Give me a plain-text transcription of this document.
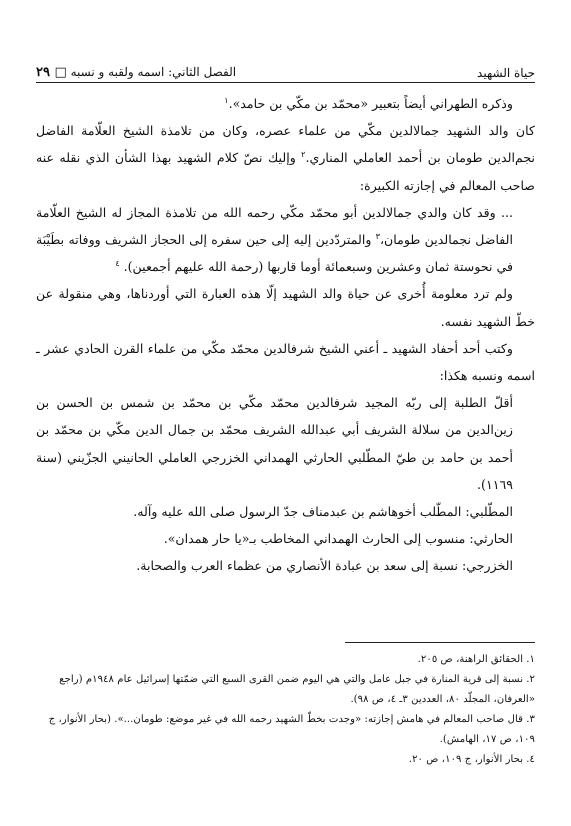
حياة الشهيد
الفصل الثاني: اسمه ولقبه و نسبه □ ٢٩

وذكره الطهراني أيضاً بتعبير «محمّد بن مكّي بن حامد».$^١$

كان والد الشهيد جمالالدين مكّي من علماء عصره، وكان من تلامذة الشيخ العلّامة الفاضل نجم‌الدين طومان بن أحمد العاملي المناري.$^٢$ وإليك نصّ كلام الشهيد بهذا الشأن الذي نقله عنه صاحب المعالم في إجازته الكبيرة:

... وقد كان والدي جمالالدين أبو محمّد مكّي رحمه الله من تلامذة المجاز له الشيخ العلّامة الفاضل نجمالدين طومان،$^٣$ والمتردّدين إليه إلى حين سفره إلى الحجاز الشريف ووفاته بطَيْبَة في نحوستة ثمان وعشرين وسبعمائة أوما قاربها (رحمة الله عليهم أجمعين). $^٤$

ولم ترد معلومة أُخرى عن حياة والد الشهيد إلّا هذه العبارة التي أوردناها، وهي منقولة عن خطّ الشهيد نفسه.

وكتب أحد أحفاد الشهيد ـ أعني الشيخ شرفالدين محمّد مكّي من علماء القرن الحادي عشر ـ اسمه ونسبه هكذا:

أقلّ الطلبة إلى ربّه المجيد شرفالدين محمّد مكّي بن محمّد بن شمس بن الحسن بن زين‌الدين من سلالة الشريف أبي عبدالله الشريف محمّد بن جمال الدين مكّي بن محمّد بن أحمد بن حامد بن طيّ المطّلبي الحارثي الهمداني الخزرجي العاملي الحانيني الجزّيني (سنة ١١٦٩).

المطّلبي: المطّلب أخوهاشم بن عبدمناف جدّ الرسول صلى الله عليه وآله.

الحارثي: منسوب إلى الحارث الهمداني المخاطب بـ«يا حار همدان».

الخزرجي: نسبة إلى سعد بن عبادة الأنصاري من عظماء العرب والصحابة.

١. الحقائق الراهنة، ص ٢٠٥.

٢. نسبة إلى قرية المنارة في جبل عامل والتي هي اليوم ضمن القرى السبع التي ضمّتها إسرائيل عام ١٩٤٨م (راجع «العرفان، المجلّد ٨٠، العددين ٣ـ ٤، ص ٩٨).

٣. قال صاحب المعالم في هامش إجازته: «وجدت بخطّ الشهيد رحمه الله في غير موضع: طومان...». (بحار الأنوار، ج ١٠٩، ص ١٧، الهامش).

٤. بحار الأنوار، ج ١٠٩، ص ٢٠.
